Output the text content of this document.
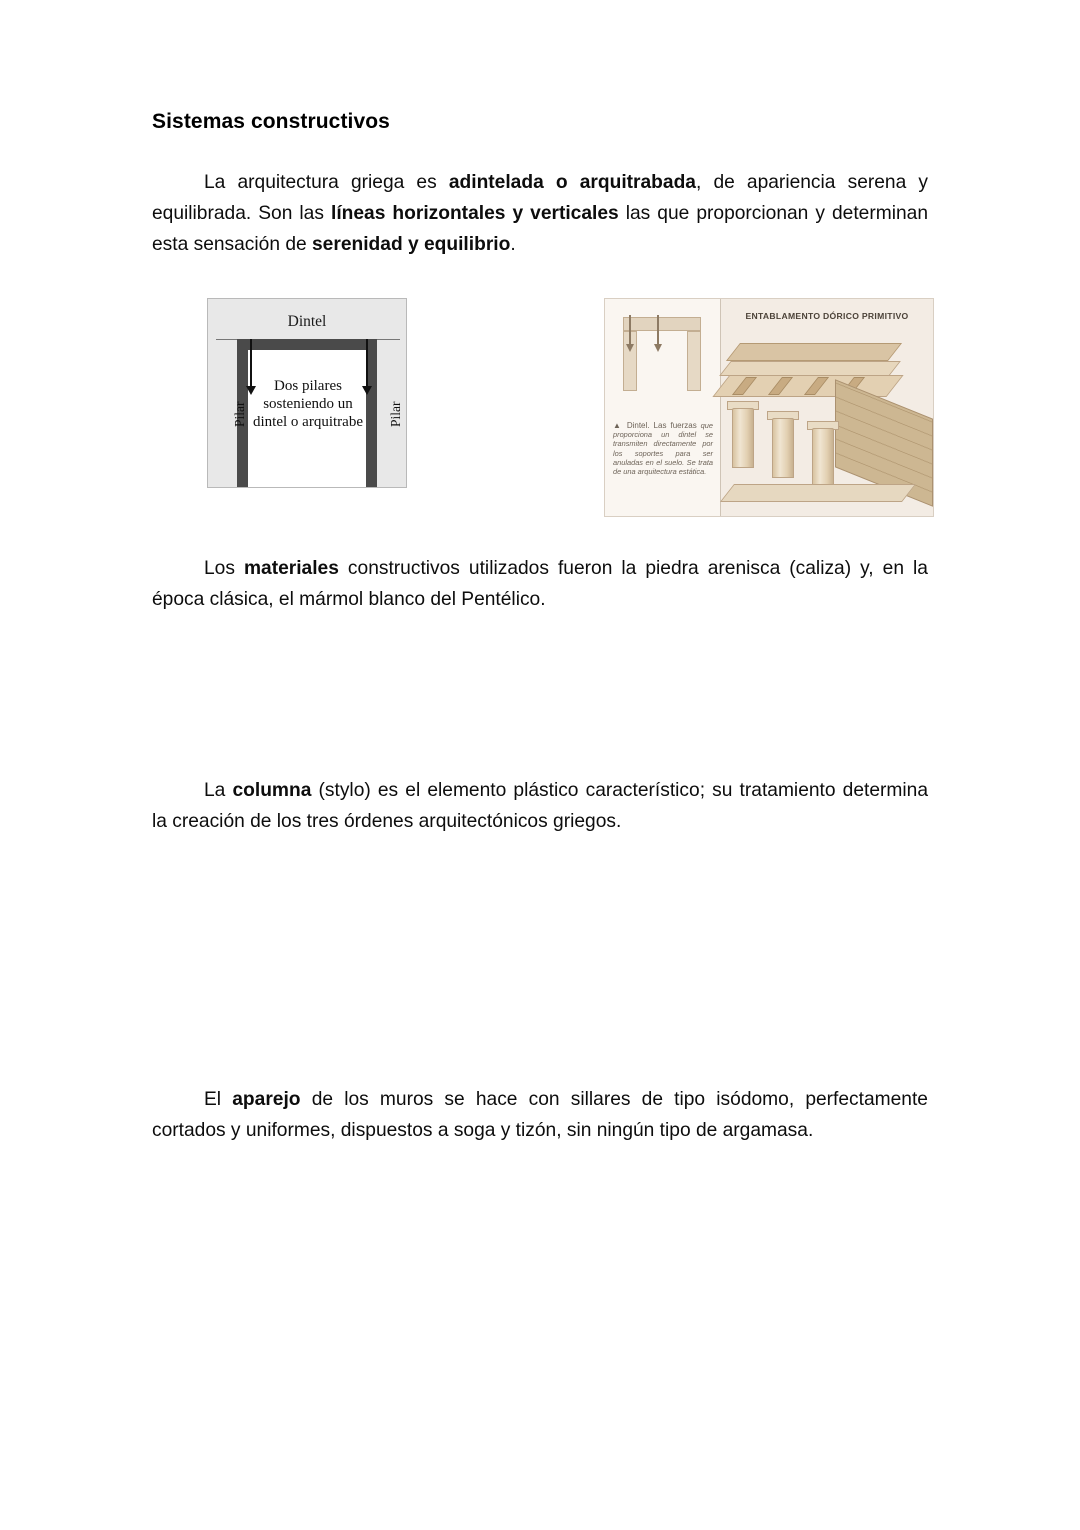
Sistemas constructivos

La arquitectura griega es adintelada o arquitrabada, de apariencia serena y equilibrada. Son las líneas horizontales y verticales las que proporcionan y determinan esta sensación de serenidad y equilibrio.

Dintel
Dos pilares sosteniendo un dintel o arquitrabe
Pilar	Pilar	▲ Dintel. Las fuerzas que proporciona un dintel se transmiten directamente por los soportes para ser anuladas en el suelo. Se trata de una arquitectura estática.
ENTABLAMENTO DÓRICO PRIMITIVO

Los materiales constructivos utilizados fueron la piedra arenisca (caliza) y, en la época clásica, el mármol blanco del Pentélico.

La columna (stylo) es el elemento plástico característico; su tratamiento determina la creación de los tres órdenes arquitectónicos griegos.

El aparejo de los muros se hace con sillares de tipo isódomo, perfectamente cortados y uniformes, dispuestos a soga y tizón, sin ningún tipo de argamasa.
